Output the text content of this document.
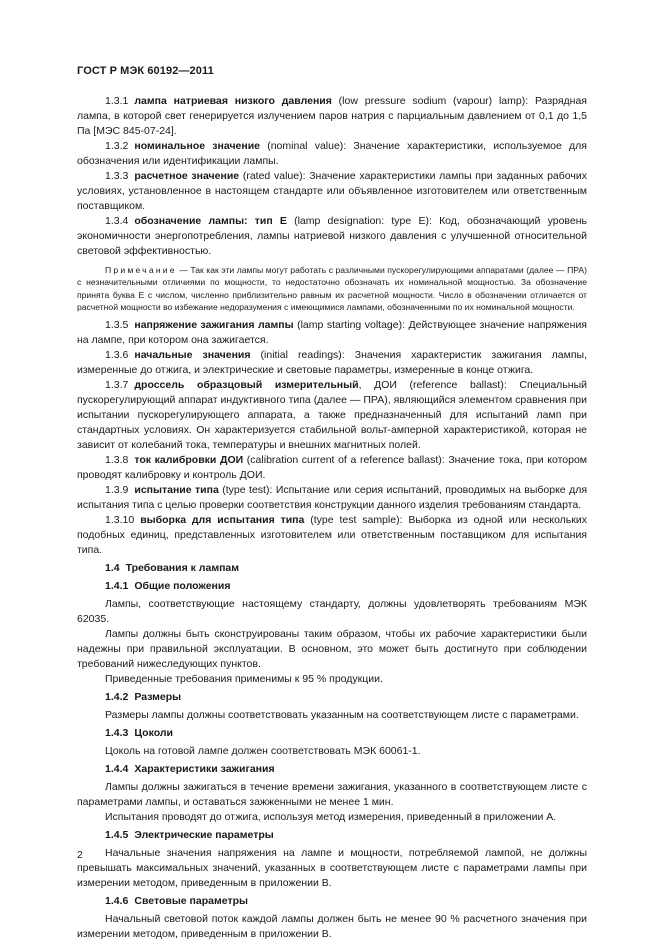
ГОСТ Р МЭК 60192—2011

1.3.1 лампа натриевая низкого давления (low pressure sodium (vapour) lamp): Разрядная лампа, в которой свет генерируется излучением паров натрия с парциальным давлением от 0,1 до 1,5 Па [МЭС 845-07-24].

1.3.2 номинальное значение (nominal value): Значение характеристики, используемое для обозначения или идентификации лампы.

1.3.3 расчетное значение (rated value): Значение характеристики лампы при заданных рабочих условиях, установленное в настоящем стандарте или объявленное изготовителем или ответственным поставщиком.

1.3.4 обозначение лампы: тип E (lamp designation: type E): Код, обозначающий уровень экономичности энергопотребления, лампы натриевой низкого давления с улучшенной относительной световой эффективностью.

Примечание — Так как эти лампы могут работать с различными пускорегулирующими аппаратами (далее — ПРА) с незначительными отличиями по мощности, то недостаточно обозначать их номинальной мощностью. За обозначение принята буква E с числом, численно приблизительно равным их расчетной мощности. Число в обозначении отличается от расчетной мощности во избежание недоразумения с имеющимися лампами, обозначенными по их номинальной мощности.

1.3.5 напряжение зажигания лампы (lamp starting voltage): Действующее значение напряжения на лампе, при котором она зажигается.

1.3.6 начальные значения (initial readings): Значения характеристик зажигания лампы, измеренные до отжига, и электрические и световые параметры, измеренные в конце отжига.

1.3.7 дроссель образцовый измерительный, ДОИ (reference ballast): Специальный пускорегулирующий аппарат индуктивного типа (далее — ПРА), являющийся элементом сравнения при испытании пускорегулирующего аппарата, а также предназначенный для испытаний ламп при стандартных условиях. Он характеризуется стабильной вольт-амперной характеристикой, которая не зависит от колебаний тока, температуры и внешних магнитных полей.

1.3.8 ток калибровки ДОИ (calibration current of a reference ballast): Значение тока, при котором проводят калибровку и контроль ДОИ.

1.3.9 испытание типа (type test): Испытание или серия испытаний, проводимых на выборке для испытания типа с целью проверки соответствия конструкции данного изделия требованиям стандарта.

1.3.10 выборка для испытания типа (type test sample): Выборка из одной или нескольких подобных единиц, представленных изготовителем или ответственным поставщиком для испытания типа.

1.4 Требования к лампам

1.4.1 Общие положения

Лампы, соответствующие настоящему стандарту, должны удовлетворять требованиям МЭК 62035.

Лампы должны быть сконструированы таким образом, чтобы их рабочие характеристики были надежны при правильной эксплуатации. В основном, это может быть достигнуто при соблюдении требований нижеследующих пунктов.

Приведенные требования применимы к 95 % продукции.

1.4.2 Размеры

Размеры лампы должны соответствовать указанным на соответствующем листе с параметрами.

1.4.3 Цоколи

Цоколь на готовой лампе должен соответствовать МЭК 60061-1.

1.4.4 Характеристики зажигания

Лампы должны зажигаться в течение времени зажигания, указанного в соответствующем листе с параметрами лампы, и оставаться зажженными не менее 1 мин.

Испытания проводят до отжига, используя метод измерения, приведенный в приложении А.

1.4.5 Электрические параметры

Начальные значения напряжения на лампе и мощности, потребляемой лампой, не должны превышать максимальных значений, указанных в соответствующем листе с параметрами лампы при измерении методом, приведенным в приложении В.

1.4.6 Световые параметры

Начальный световой поток каждой лампы должен быть не менее 90 % расчетного значения при измерении методом, приведенным в приложении В.

2
